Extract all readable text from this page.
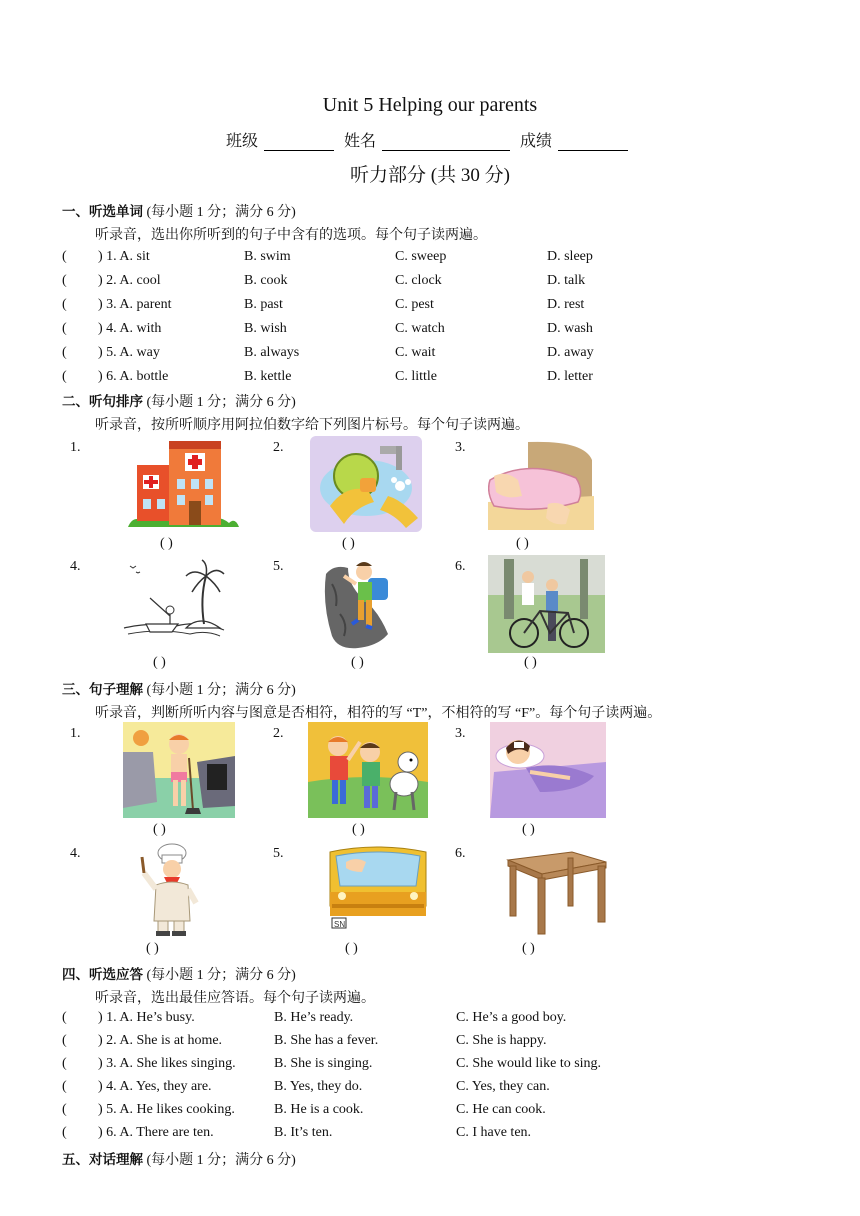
Unit 5 Helping our parents
班级	姓名	成绩
听力部分 (共 30 分)
一、听选单词 (每小题 1 分；满分 6 分)
听录音，选出你所听到的句子中含有的选项。每个句子读两遍。
( ) 1. A. sit	B. swim	C. sweep	D. sleep
( ) 2. A. cool	B. cook	C. clock	D. talk
( ) 3. A. parent	B. past	C. pest	D. rest
( ) 4. A. with	B. wish	C. watch	D. wash
( ) 5. A. way	B. always	C. wait	D. away
( ) 6. A. bottle	B. kettle	C. little	D. letter
二、听句排序 (每小题 1 分；满分 6 分)
听录音，按所听顺序用阿拉伯数字给下列图片标号。每个句子读两遍。
1.	2.	3.
4.	5.	6.
( )	( )	( )
( )	( )	( )
三、句子理解 (每小题 1 分；满分 6 分)
听录音，判断所听内容与图意是否相符，相符的写 “T”，不相符的写 “F”。每个句子读两遍。
1.	2.	3.
4.	5.	6.
( )	( )	( )
( )
SN
( )	( )
四、听选应答 (每小题 1 分；满分 6 分)
听录音，选出最佳应答语。每个句子读两遍。
( ) 1. A. He’s busy.	B. He’s ready.	C. He’s a good boy.
( ) 2. A. She is at home.	B. She has a fever.	C. She is happy.
( ) 3. A. She likes singing.	B. She is singing.	C. She would like to sing.
( ) 4. A. Yes, they are.	B. Yes, they do.	C. Yes, they can.
( ) 5. A. He likes cooking.	B. He is a cook.	C. He can cook.
( ) 6. A. There are ten.	B. It’s ten.	C. I have ten.
五、对话理解 (每小题 1 分；满分 6 分)
